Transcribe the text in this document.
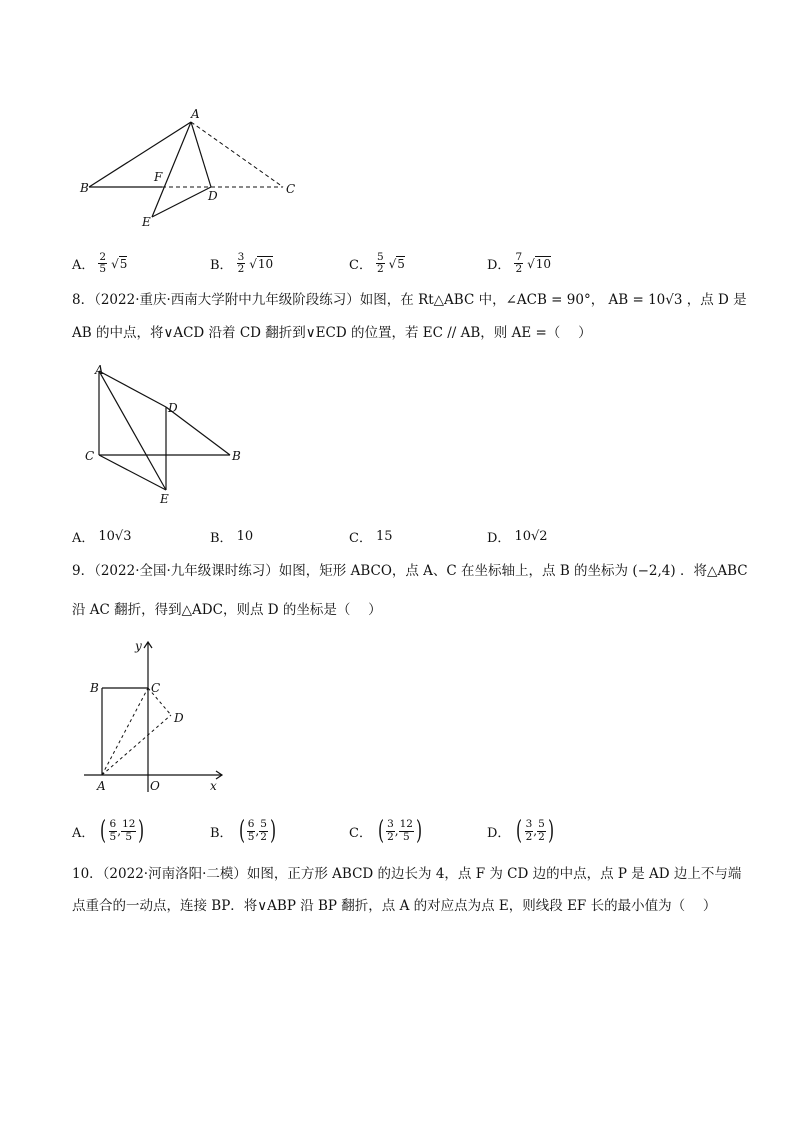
A
B	C
D
E
F
A． $\frac{2}{5} √5$	B． $\frac{3}{2} √10$	C． $\frac{5}{2} √5$	D． $\frac{7}{2} √10$
8．（2022·重庆·西南大学附中九年级阶段练习）如图，在 Rt△ABC 中，∠ACB = 90°， AB = 10√3 ，点 D 是
AB 的中点，将∨ACD 沿着 CD 翻折到∨ECD 的位置，若 EC // AB，则 AE =（　 ）
A
C
D
B
E
A． 10√3	B． 10	C． 15	D． 10√2
9．（2022·全国·九年级课时练习）如图，矩形 ABCO，点 A、C 在坐标轴上，点 B 的坐标为 (−2,4) ．将△ABC
沿 AC 翻折，得到△ADC，则点 D 的坐标是（　 ）
y
x
B	C
D
A	O
A． ( $\frac{6}{5}$ , $\frac{12}{5}$ )	B． ( $\frac{6}{5}$ , $\frac{5}{2}$ )	C． ( $\frac{3}{2}$ , $\frac{12}{5}$ )	D． ( $\frac{3}{2}$ , $\frac{5}{2}$ )
10．（2022·河南洛阳·二模）如图，正方形 ABCD 的边长为 4，点 F 为 CD 边的中点，点 P 是 AD 边上不与端
点重合的一动点，连接 BP．将∨ABP 沿 BP 翻折，点 A 的对应点为点 E，则线段 EF 长的最小值为（　 ）
